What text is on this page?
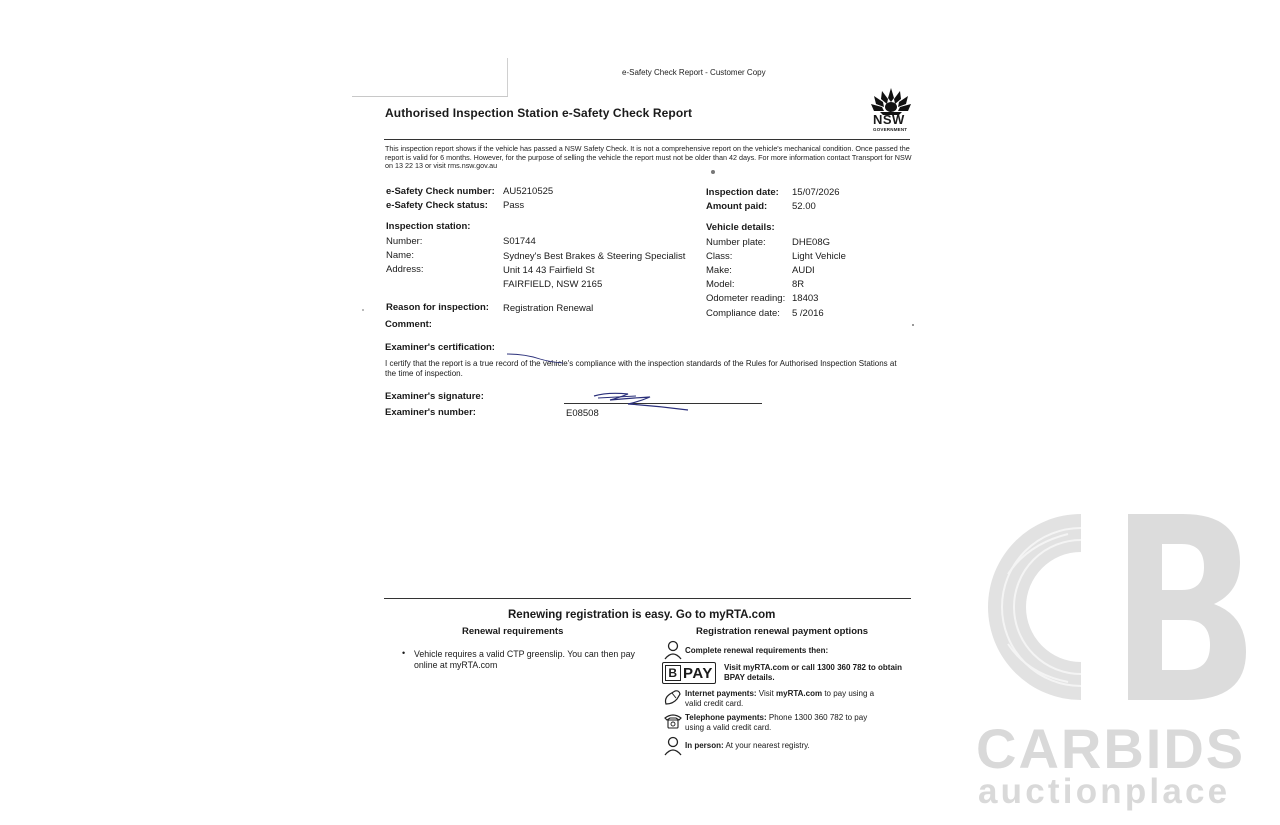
e-Safety Check Report - Customer Copy
Authorised Inspection Station e-Safety Check Report	NSW
GOVERNMENT
This inspection report shows if the vehicle has passed a NSW Safety Check. It is not a comprehensive report on the vehicle's mechanical condition. Once passed the report is valid for 6 months. However, for the purpose of selling the vehicle the report must not be older than 42 days. For more information contact Transport for NSW on 13 22 13 or visit rms.nsw.gov.au
e-Safety Check number: AU5210525
e-Safety Check status: Pass
Inspection date: 15/07/2026
Amount paid:	52.00
Inspection station:
Number:	S01744
Name:	Sydney's Best Brakes & Steering Specialist
Address:	Unit 14 43 Fairfield St
FAIRFIELD, NSW 2165
Vehicle details:
Number plate:	DHE08G
Class:	Light Vehicle
Make:	AUDI
Model:	8R
Odometer reading: 18403
Compliance date: 5 /2016
Reason for inspection: Registration Renewal
Comment:
Examiner's certification:
I certify that the report is a true record of the vehicle's compliance with the inspection standards of the Rules for Authorised Inspection Stations at the time of inspection.
Examiner's signature:
Examiner's number:	E08508
Renewing registration is easy. Go to myRTA.com
Renewal requirements	Registration renewal payment options
• Vehicle requires a valid CTP greenslip. You can then pay online at myRTA.com
Complete renewal requirements then:
B PAY Visit myRTA.com or call 1300 360 782 to obtain
BPAY details.
Internet payments: Visit myRTA.com to pay using a
valid credit card.
Telephone payments: Phone 1300 360 782 to pay
using a valid credit card.
In person: At your nearest registry.	CARBIDS
auctionplace
